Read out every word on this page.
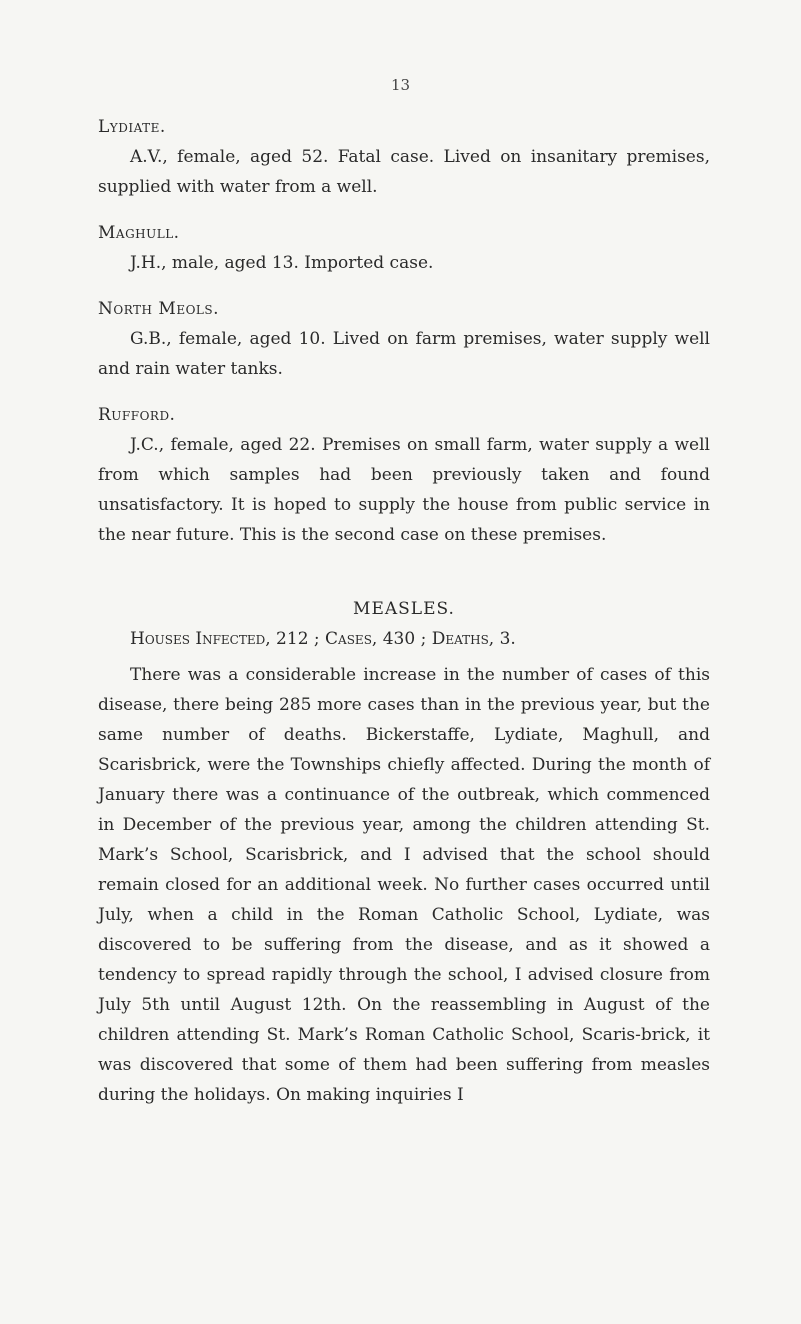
13

Lydiate.

A.V., female, aged 52. Fatal case. Lived on insanitary premises, supplied with water from a well.

Maghull.

J.H., male, aged 13. Imported case.

North Meols.

G.B., female, aged 10. Lived on farm premises, water supply well and rain water tanks.

Rufford.

J.C., female, aged 22. Premises on small farm, water supply a well from which samples had been previously taken and found unsatisfactory. It is hoped to supply the house from public service in the near future. This is the second case on these premises.

MEASLES.

Houses Infected, 212 ; Cases, 430 ; Deaths, 3.

There was a considerable increase in the number of cases of this disease, there being 285 more cases than in the previous year, but the same number of deaths. Bickerstaffe, Lydiate, Maghull, and Scarisbrick, were the Townships chiefly affected. During the month of January there was a continuance of the outbreak, which commenced in December of the previous year, among the children attending St. Mark’s School, Scarisbrick, and I advised that the school should remain closed for an additional week. No further cases occurred until July, when a child in the Roman Catholic School, Lydiate, was discovered to be suffering from the disease, and as it showed a tendency to spread rapidly through the school, I advised closure from July 5th until August 12th. On the reassembling in August of the children attending St. Mark’s Roman Catholic School, Scaris-brick, it was discovered that some of them had been suffering from measles during the holidays. On making inquiries I
